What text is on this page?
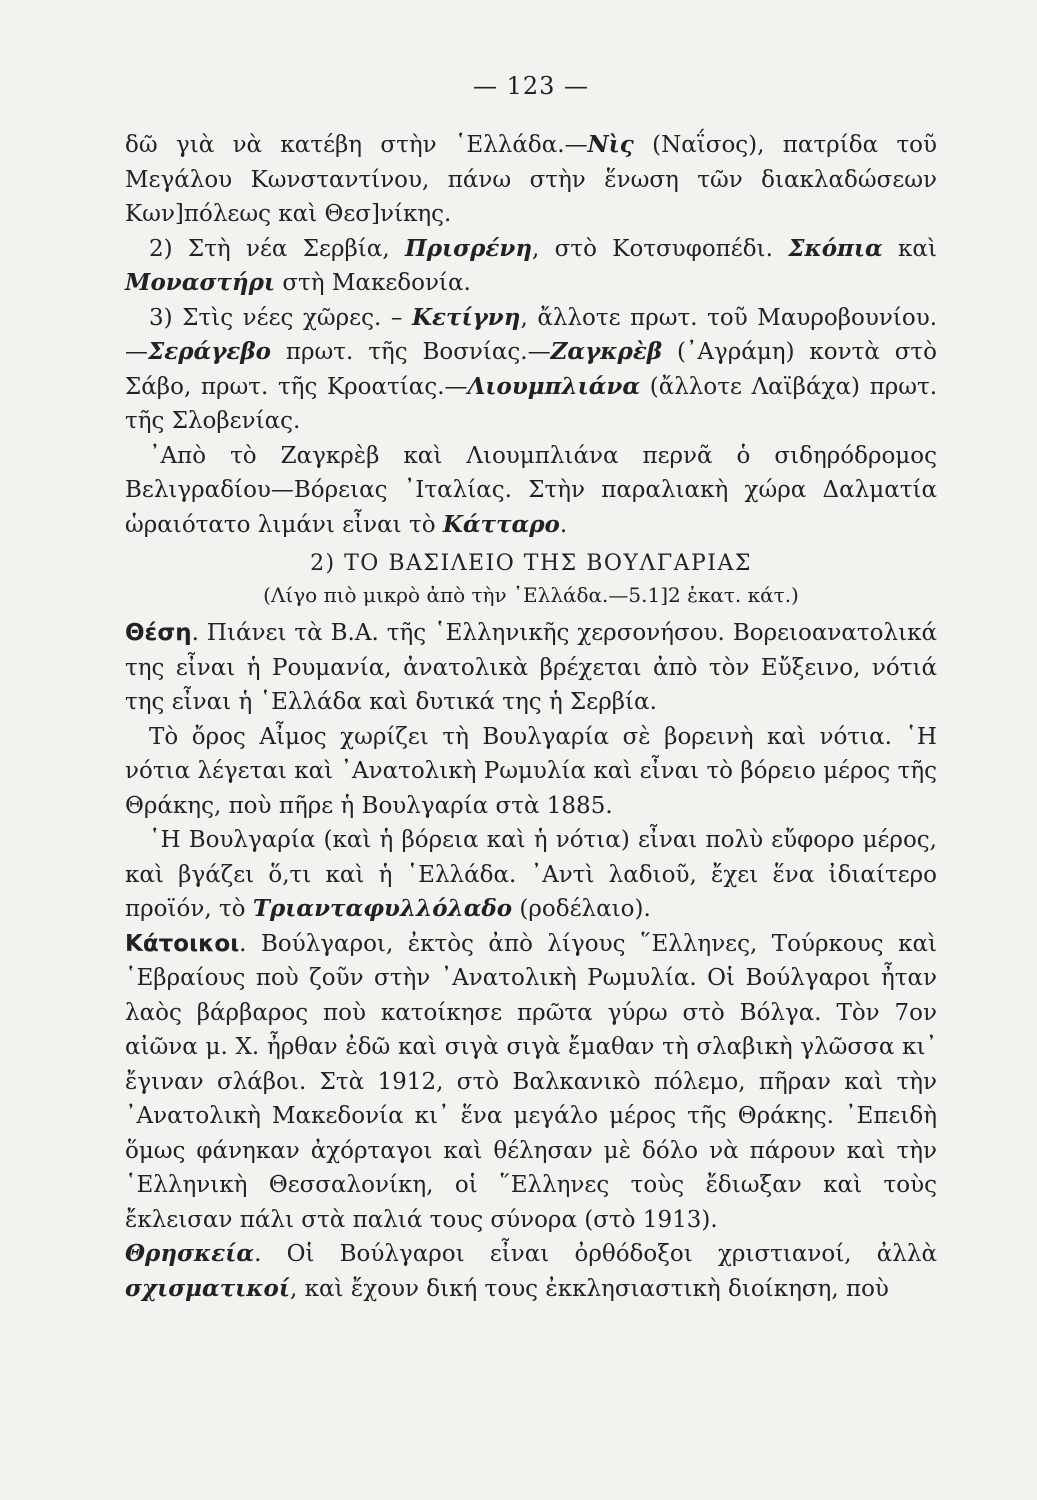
— 123 —

δῶ γιὰ νὰ κατέβη στὴν ῾Ελλάδα.—Νὶς (Ναΐσος), πατρίδα τοῦ Μεγάλου Κωνσταντίνου, πάνω στὴν ἕνωση τῶν διακλαδώσεων Κων]πόλεως καὶ Θεσ]νίκης.

2) Στὴ νέα Σερβία, Πρισρένη, στὸ Κοτσυφοπέδι. Σκόπια καὶ Μοναστήρι στὴ Μακεδονία.

3) Στὶς νέες χῶρες. – Κετίγνη, ἄλλοτε πρωτ. τοῦ Μαυροβουνίου.—Σεράγεβο πρωτ. τῆς Βοσνίας.—Ζαγκρὲβ (᾿Αγράμη) κοντὰ στὸ Σάβο, πρωτ. τῆς Κροατίας.—Λιουμπλιάνα (ἄλλοτε Λαϊβάχα) πρωτ. τῆς Σλοβενίας.

᾿Απὸ τὸ Ζαγκρὲβ καὶ Λιουμπλιάνα περνᾶ ὁ σιδηρόδρομος Βελιγραδίου—Βόρειας ᾿Ιταλίας. Στὴν παραλιακὴ χώρα Δαλματία ὡραιότατο λιμάνι εἶναι τὸ Κάτταρο.

2) ΤΟ ΒΑΣΙΛΕΙΟ ΤΗΣ ΒΟΥΛΓΑΡΙΑΣ
(Λίγο πιὸ μικρὸ ἀπὸ τὴν ῾Ελλάδα.—5.1]2 ἑκατ. κάτ.)

Θέση. Πιάνει τὰ Β.Α. τῆς ῾Ελληνικῆς χερσονήσου. Βορειοανατολικά της εἶναι ἡ Ρουμανία, ἀνατολικὰ βρέχεται ἀπὸ τὸν Εὔξεινο, νότιά της εἶναι ἡ ῾Ελλάδα καὶ δυτικά της ἡ Σερβία.

Τὸ ὄρος Αἶμος χωρίζει τὴ Βουλγαρία σὲ βορεινὴ καὶ νότια. ῾Η νότια λέγεται καὶ ᾿Ανατολικὴ Ρωμυλία καὶ εἶναι τὸ βόρειο μέρος τῆς Θράκης, ποὺ πῆρε ἡ Βουλγαρία στὰ 1885.

῾Η Βουλγαρία (καὶ ἡ βόρεια καὶ ἡ νότια) εἶναι πολὺ εὔφορο μέρος, καὶ βγάζει ὅ,τι καὶ ἡ ῾Ελλάδα. ᾿Αντὶ λαδιοῦ, ἔχει ἕνα ἰδιαίτερο προϊόν, τὸ Τριανταφυλλόλαδο (ροδέλαιο).

Κάτοικοι. Βούλγαροι, ἐκτὸς ἀπὸ λίγους ῞Ελληνες, Τούρκους καὶ ῾Εβραίους ποὺ ζοῦν στὴν ᾿Ανατολικὴ Ρωμυλία. Οἱ Βούλγαροι ἦταν λαὸς βάρβαρος ποὺ κατοίκησε πρῶτα γύρω στὸ Βόλγα. Τὸν 7ον αἰῶνα μ. Χ. ἦρθαν ἐδῶ καὶ σιγὰ σιγὰ ἔμαθαν τὴ σλαβικὴ γλῶσσα κι᾿ ἔγιναν σλάβοι. Στὰ 1912, στὸ Βαλκανικὸ πόλεμο, πῆραν καὶ τὴν ᾿Ανατολικὴ Μακεδονία κι᾿ ἕνα μεγάλο μέρος τῆς Θράκης. ᾿Επειδὴ ὅμως φάνηκαν ἀχόρταγοι καὶ θέλησαν μὲ δόλο νὰ πάρουν καὶ τὴν ῾Ελληνικὴ Θεσσαλονίκη, οἱ ῞Ελληνες τοὺς ἔδιωξαν καὶ τοὺς ἔκλεισαν πάλι στὰ παλιά τους σύνορα (στὸ 1913).

Θρησκεία. Οἱ Βούλγαροι εἶναι ὀρθόδοξοι χριστιανοί, ἀλλὰ σχισματικοί, καὶ ἔχουν δική τους ἐκκλησιαστικὴ διοίκηση, ποὺ
